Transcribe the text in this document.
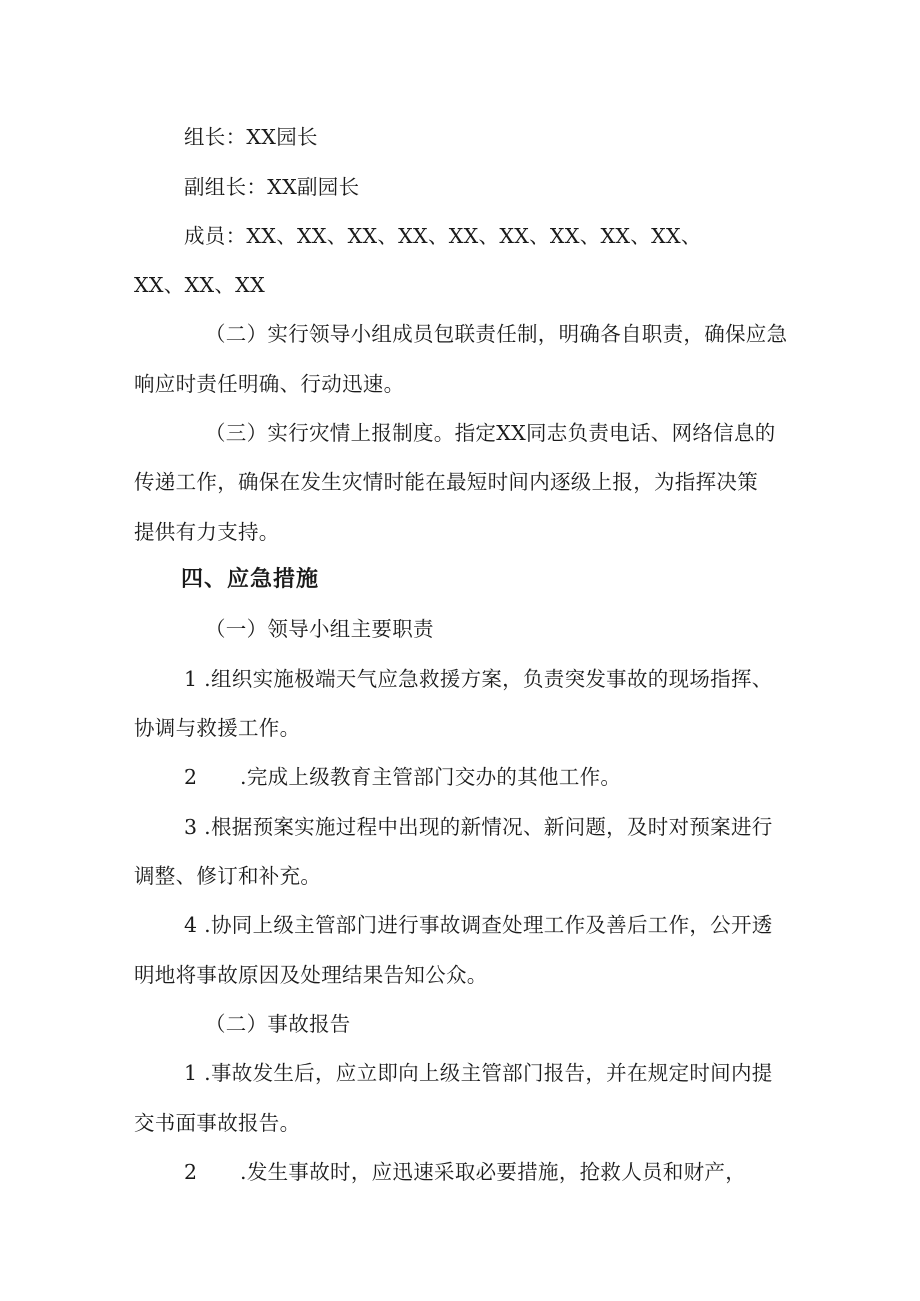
组长：XX园长
副组长：XX副园长
成员：XX、XX、XX、XX、XX、XX、XX、XX、XX、
XX、XX、XX
（二）实行领导小组成员包联责任制，明确各自职责，确保应急
响应时责任明确、行动迅速。
（三）实行灾情上报制度。指定XX同志负责电话、网络信息的
传递工作，确保在发生灾情时能在最短时间内逐级上报，为指挥决策
提供有力支持。
四、应急措施
（一）领导小组主要职责
1 .组织实施极端天气应急救援方案，负责突发事故的现场指挥、
协调与救援工作。
2 .完成上级教育主管部门交办的其他工作。
3 .根据预案实施过程中出现的新情况、新问题，及时对预案进行
调整、修订和补充。
4 .协同上级主管部门进行事故调查处理工作及善后工作，公开透
明地将事故原因及处理结果告知公众。
（二）事故报告
1 .事故发生后，应立即向上级主管部门报告，并在规定时间内提
交书面事故报告。
2 .发生事故时，应迅速采取必要措施，抢救人员和财产，
